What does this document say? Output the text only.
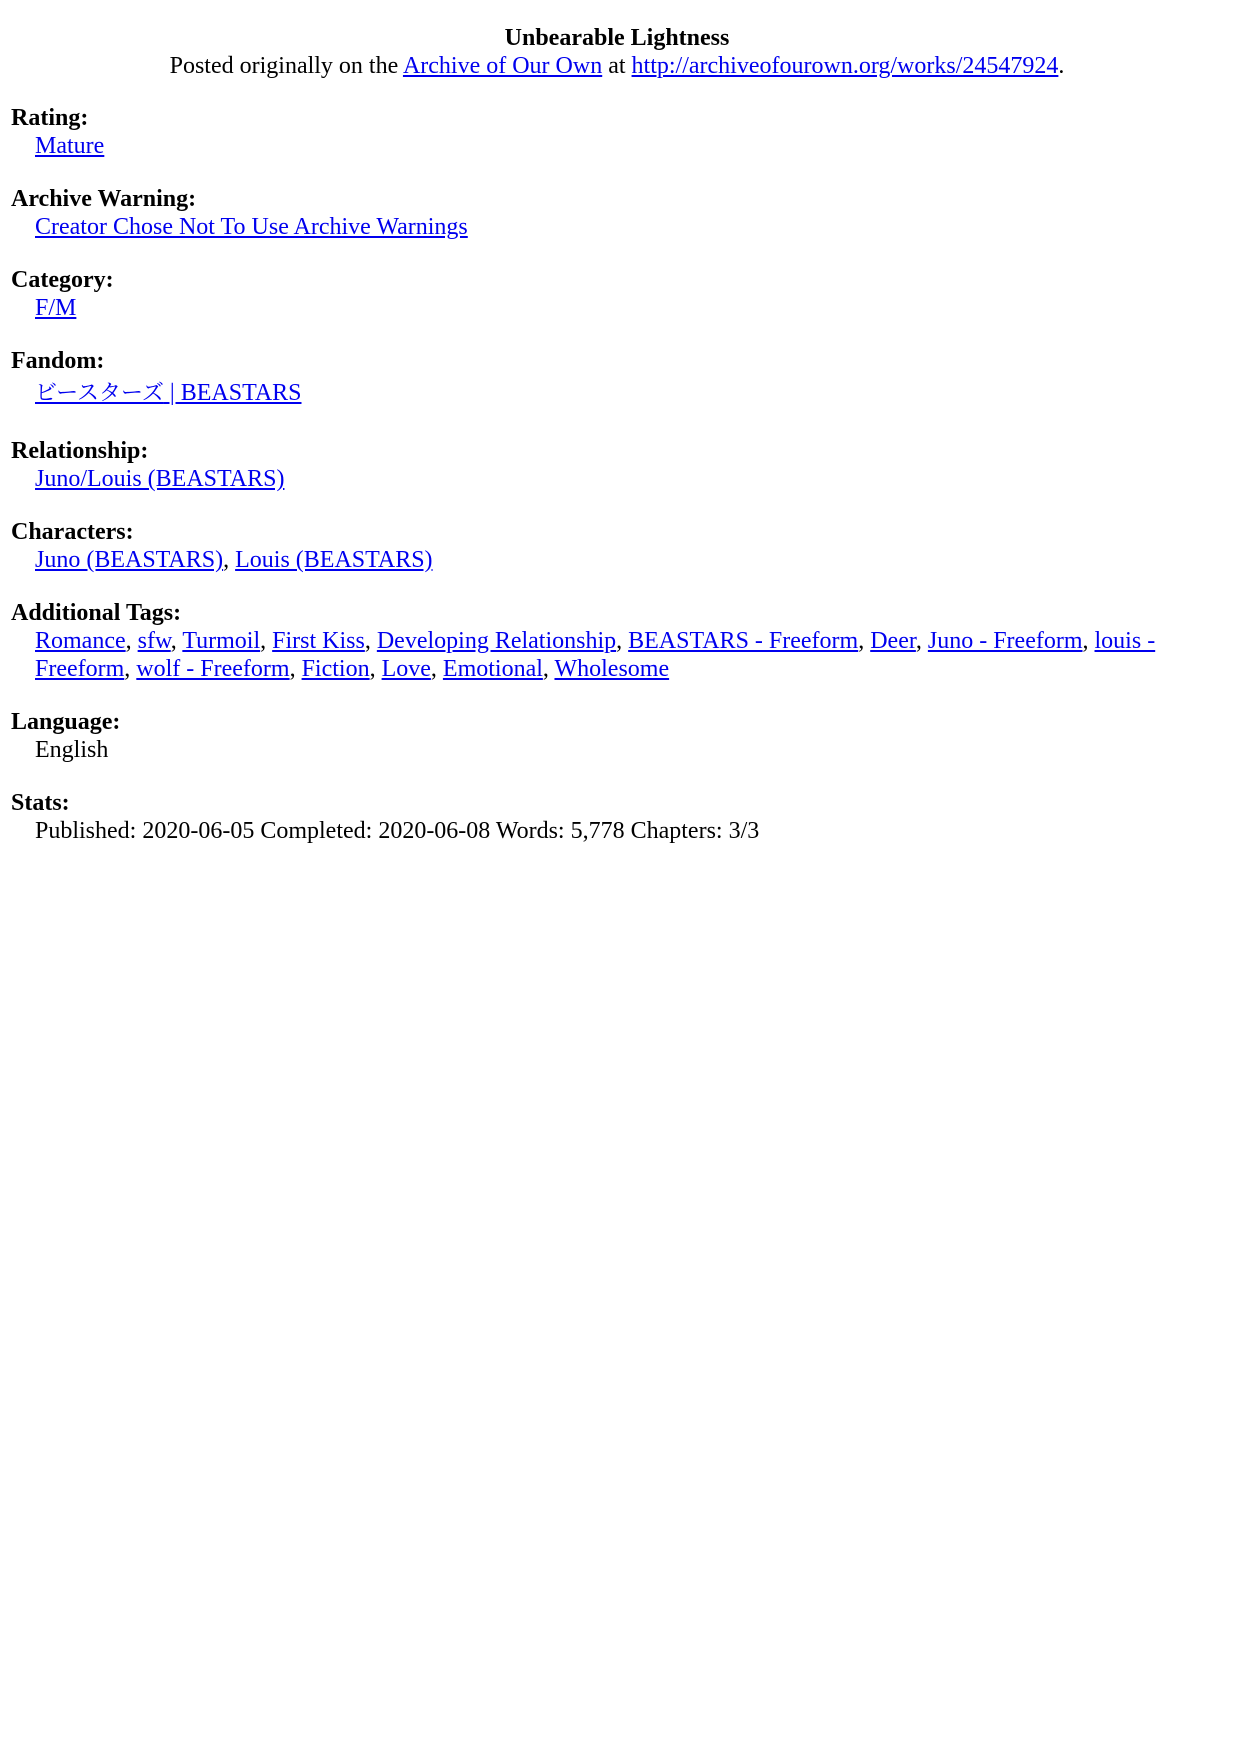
Unbearable Lightness
Posted originally on the Archive of Our Own at http://archiveofourown.org/works/24547924.
Rating:
Mature
Archive Warning:
Creator Chose Not To Use Archive Warnings
Category:
F/M
Fandom:
ビースターズ | BEASTARS
Relationship:
Juno/Louis (BEASTARS)
Characters:
Juno (BEASTARS), Louis (BEASTARS)
Additional Tags:
Romance, sfw, Turmoil, First Kiss, Developing Relationship, BEASTARS - Freeform, Deer, Juno - Freeform, louis - Freeform, wolf - Freeform, Fiction, Love, Emotional, Wholesome
Language:
English
Stats:
Published: 2020-06-05 Completed: 2020-06-08 Words: 5,778 Chapters: 3/3
